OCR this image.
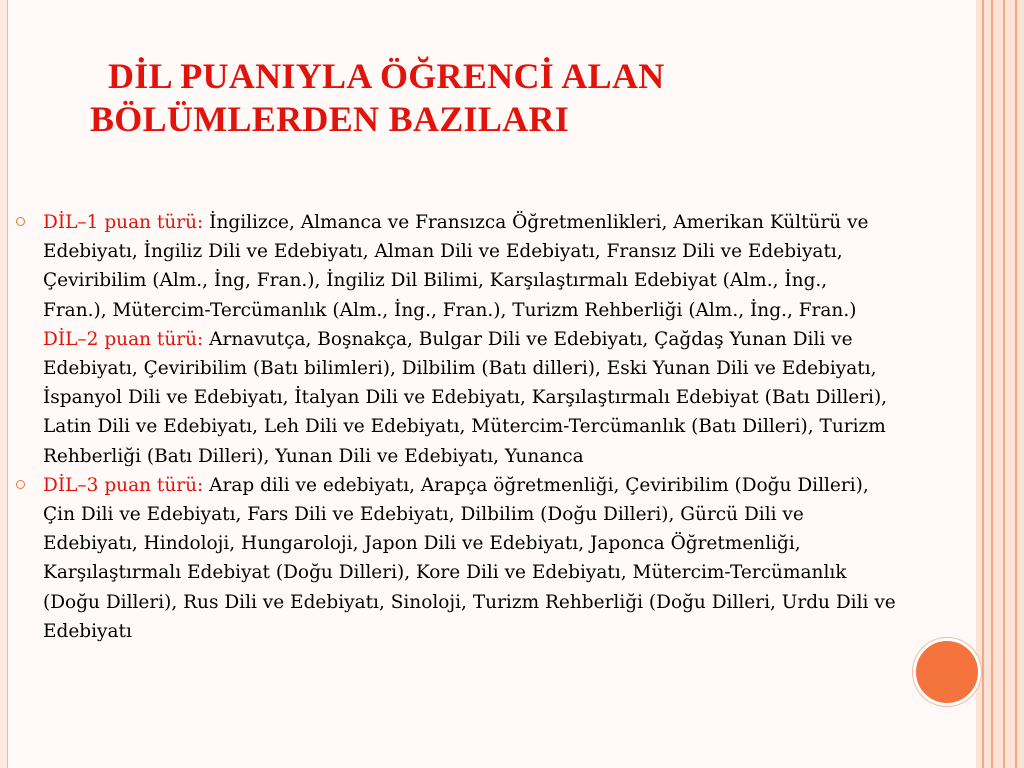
DİL PUANIYLA ÖĞRENCİ ALAN
BÖLÜMLERDEN BAZILARI
DİL–1 puan türü: İngilizce, Almanca ve Fransızca Öğretmenlikleri, Amerikan Kültürü ve Edebiyatı, İngiliz Dili ve Edebiyatı, Alman Dili ve Edebiyatı, Fransız Dili ve Edebiyatı, Çeviribilim (Alm., İng, Fran.), İngiliz Dil Bilimi, Karşılaştırmalı Edebiyat (Alm., İng., Fran.), Mütercim-Tercümanlık (Alm., İng., Fran.), Turizm Rehberliği (Alm., İng., Fran.)
DİL–2 puan türü: Arnavutça, Boşnakça, Bulgar Dili ve Edebiyatı, Çağdaş Yunan Dili ve Edebiyatı, Çeviribilim (Batı bilimleri), Dilbilim (Batı dilleri), Eski Yunan Dili ve Edebiyatı, İspanyol Dili ve Edebiyatı, İtalyan Dili ve Edebiyatı, Karşılaştırmalı Edebiyat (Batı Dilleri), Latin Dili ve Edebiyatı, Leh Dili ve Edebiyatı, Mütercim-Tercümanlık (Batı Dilleri), Turizm Rehberliği (Batı Dilleri), Yunan Dili ve Edebiyatı, Yunanca
DİL–3 puan türü: Arap dili ve edebiyatı, Arapça öğretmenliği, Çeviribilim (Doğu Dilleri), Çin Dili ve Edebiyatı, Fars Dili ve Edebiyatı, Dilbilim (Doğu Dilleri), Gürcü Dili ve Edebiyatı, Hindoloji, Hungaroloji, Japon Dili ve Edebiyatı, Japonca Öğretmenliği, Karşılaştırmalı Edebiyat (Doğu Dilleri), Kore Dili ve Edebiyatı, Mütercim-Tercümanlık (Doğu Dilleri), Rus Dili ve Edebiyatı, Sinoloji, Turizm Rehberliği (Doğu Dilleri, Urdu Dili ve Edebiyatı
